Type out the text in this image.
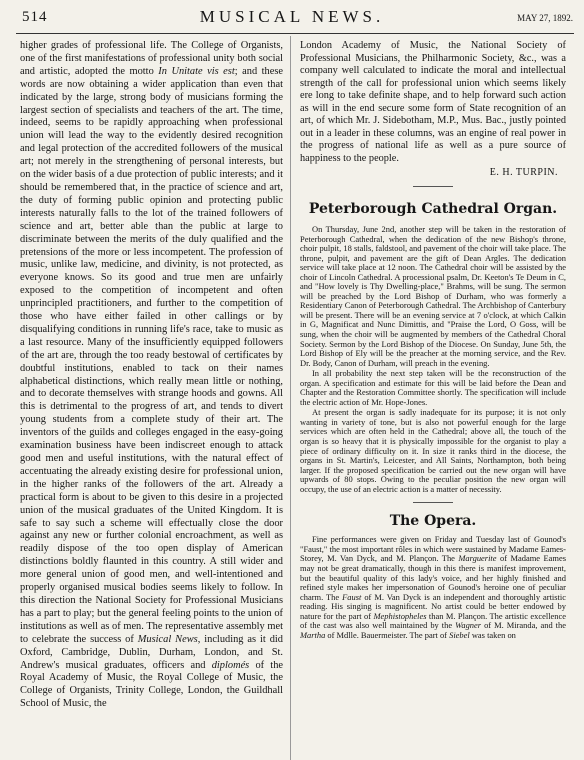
514	MUSICAL NEWS.	MAY 27, 1892.

higher grades of professional life. The College of Organists, one of the first manifestations of professional unity both social and artistic, adopted the motto In Unitate vis est; and these words are now obtaining a wider application than even that indicated by the large, strong body of musicians forming the largest section of specialists and teachers of the art. The time, indeed, seems to be rapidly approaching when professional union will lead the way to the evidently desired recognition and legal protection of the accredited followers of the musical art; not merely in the strengthening of personal interests, but on the wider basis of a due protection of public interests; and it should be remembered that, in the practice of science and art, the duty of forming public opinion and protecting public interests naturally falls to the lot of the trained followers of science and art, better able than the public at large to discriminate between the merits of the duly qualified and the pretensions of the more or less incompetent. The profession of music, unlike law, medicine, and divinity, is not protected, as everyone knows. So its good and true men are unfairly exposed to the competition of incompetent and often unprincipled practitioners, and further to the competition of those who have either failed in other callings or by disqualifying conditions in running life's race, take to music as a last resource. Many of the insufficiently equipped followers of the art are, through the too ready bestowal of certificates by doubtful institutions, enabled to tack on their names alphabetical distinctions, which really mean little or nothing, and to decorate themselves with strange hoods and gowns. All this is detrimental to the progress of art, and tends to divert young students from a complete study of their art. The inventors of the guilds and colleges engaged in the easy-going examination business have been indiscreet enough to attack good men and useful institutions, with the natural effect of accentuating the already existing desire for professional union, in the higher ranks of the followers of the art. Already a practical form is about to be given to this desire in a projected union of the musical graduates of the United Kingdom. It is safe to say such a scheme will effectually close the door against any new or further colonial encroachment, as well as readily dispose of the too open display of American distinctions boldly flaunted in this country. A still wider and more general union of good men, and well-intentioned and properly organised musical bodies seems likely to follow. In this direction the National Society for Professional Musicians has a part to play; but the general feeling points to the union of institutions as well as of men. The representative assembly met to celebrate the success of Musical News, including as it did Oxford, Cambridge, Dublin, Durham, London, and St. Andrew's musical graduates, officers and diplomés of the Royal Academy of Music, the Royal College of Music, the College of Organists, Trinity College, London, the Guildhall School of Music, the

London Academy of Music, the National Society of Professional Musicians, the Philharmonic Society, &c., was a company well calculated to indicate the moral and intellectual strength of the call for professional union which seems likely ere long to take definite shape, and to help forward such action as will in the end secure some form of State recognition of an art, of which Mr. J. Sidebotham, M.P., Mus. Bac., justly pointed out in a leader in these columns, was an engine of real power in the progress of national life as well as a pure source of happiness to the people.

E. H. TURPIN.
Peterborough Cathedral Organ.

On Thursday, June 2nd, another step will be taken in the restoration of Peterborough Cathedral, when the dedication of the new Bishop's throne, choir pulpit, 18 stalls, faldstool, and pavement of the choir will take place. The throne, pulpit, and pavement are the gift of Dean Argles. The dedication service will take place at 12 noon. The Cathedral choir will be assisted by the choir of Lincoln Cathedral. A processional psalm, Dr. Keeton's Te Deum in C, and "How lovely is Thy Dwelling-place," Brahms, will be sung. The sermon will be preached by the Lord Bishop of Durham, who was formerly a Residentiary Canon of Peterborough Cathedral. The Archbishop of Canterbury will be present. There will be an evening service at 7 o'clock, at which Calkin in G, Magnificat and Nunc Dimittis, and "Praise the Lord, O Goss, will be sung, when the choir will be augmented by members of the Cathedral Choral Society. Sermon by the Lord Bishop of the Diocese. On Sunday, June 5th, the Lord Bishop of Ely will be the preacher at the morning service, and the Rev. Dr. Body, Canon of Durham, will preach in the evening.

In all probability the next step taken will be the reconstruction of the organ. A specification and estimate for this will be laid before the Dean and Chapter and the Restoration Committee shortly. The specification will include the electric action of Mr. Hope-Jones.

At present the organ is sadly inadequate for its purpose; it is not only wanting in variety of tone, but is also not powerful enough for the large services which are often held in the Cathedral; above all, the touch of the organ is so heavy that it is physically impossible for the organist to play a piece of ordinary difficulty on it. In size it ranks third in the diocese, the organs in St. Martin's, Leicester, and All Saints, Northampton, both being larger. If the proposed specification be carried out the new organ will have upwards of 80 stops. Owing to the peculiar position the new organ will occupy, the use of an electric action is a matter of necessity.

The Opera.

Fine performances were given on Friday and Tuesday last of Gounod's "Faust," the most important rôles in which were sustained by Madame Eames-Storey, M. Van Dyck, and M. Plançon. The Marguerite of Madame Eames may not be great dramatically, though in this there is manifest improvement, but the beautiful quality of this lady's voice, and her highly finished and refined style makes her impersonation of Gounod's heroine one of peculiar charm. The Faust of M. Van Dyck is an independent and thoroughly artistic reading. His singing is magnificent. No artist could be better endowed by nature for the part of Mephistopheles than M. Plançon. The artistic excellence of the cast was also well maintained by the Wagner of M. Miranda, and the Martha of Mdlle. Bauermeister. The part of Siebel was taken on
